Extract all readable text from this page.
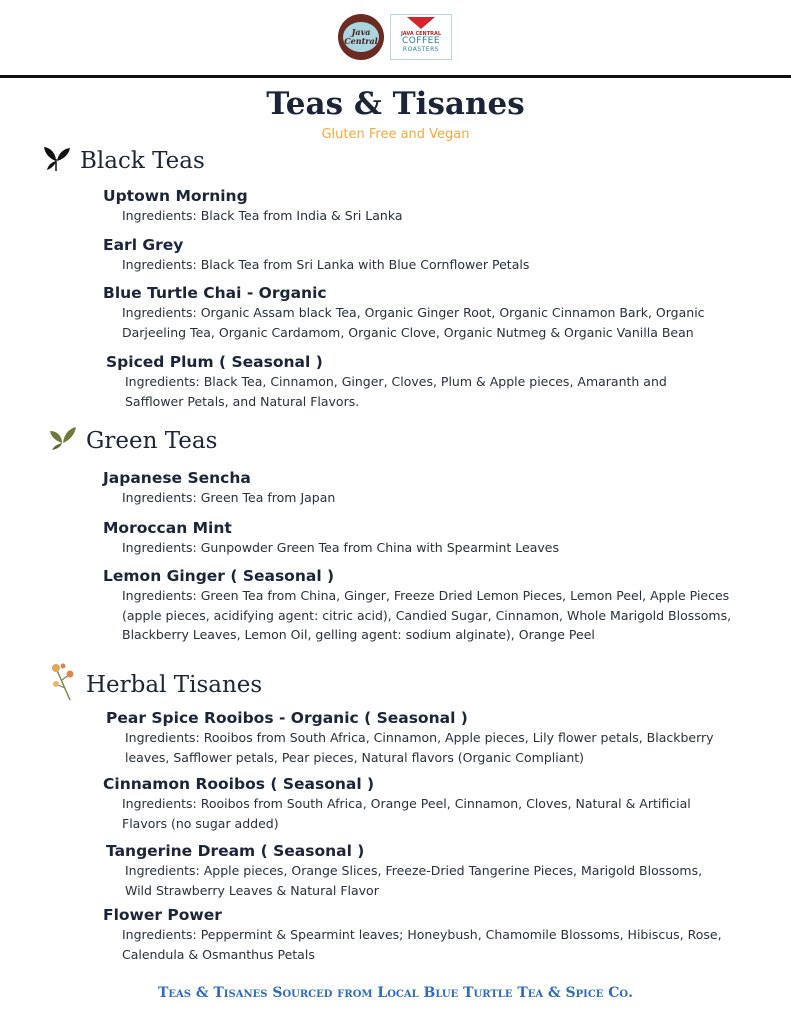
Java Central
JAVA CENTRAL
COFFEE
ROASTERS
Teas & Tisanes
Gluten Free and Vegan
Black Teas
Uptown Morning
Ingredients: Black Tea from India & Sri Lanka
Earl Grey
Ingredients: Black Tea from Sri Lanka with Blue Cornflower Petals
Blue Turtle Chai - Organic
Ingredients: Organic Assam black Tea, Organic Ginger Root, Organic Cinnamon Bark, Organic
Darjeeling Tea, Organic Cardamom, Organic Clove, Organic Nutmeg & Organic Vanilla Bean
Spiced Plum ( Seasonal )
Ingredients: Black Tea, Cinnamon, Ginger, Cloves, Plum & Apple pieces, Amaranth and
Safflower Petals, and Natural Flavors.
Green Teas
Japanese Sencha
Ingredients: Green Tea from Japan
Moroccan Mint
Ingredients: Gunpowder Green Tea from China with Spearmint Leaves
Lemon Ginger ( Seasonal )
Ingredients: Green Tea from China, Ginger, Freeze Dried Lemon Pieces, Lemon Peel, Apple Pieces
(apple pieces, acidifying agent: citric acid), Candied Sugar, Cinnamon, Whole Marigold Blossoms,
Blackberry Leaves, Lemon Oil, gelling agent: sodium alginate), Orange Peel
Herbal Tisanes
Pear Spice Rooibos - Organic ( Seasonal )
Ingredients: Rooibos from South Africa, Cinnamon, Apple pieces, Lily flower petals, Blackberry
leaves, Safflower petals, Pear pieces, Natural flavors (Organic Compliant)
Cinnamon Rooibos ( Seasonal )
Ingredients: Rooibos from South Africa, Orange Peel, Cinnamon, Cloves, Natural & Artificial
Flavors (no sugar added)
Tangerine Dream ( Seasonal )
Ingredients: Apple pieces, Orange Slices, Freeze-Dried Tangerine Pieces, Marigold Blossoms,
Wild Strawberry Leaves & Natural Flavor
Flower Power
Ingredients: Peppermint & Spearmint leaves; Honeybush, Chamomile Blossoms, Hibiscus, Rose,
Calendula & Osmanthus Petals
Teas & Tisanes Sourced from Local Blue Turtle Tea & Spice Co.
